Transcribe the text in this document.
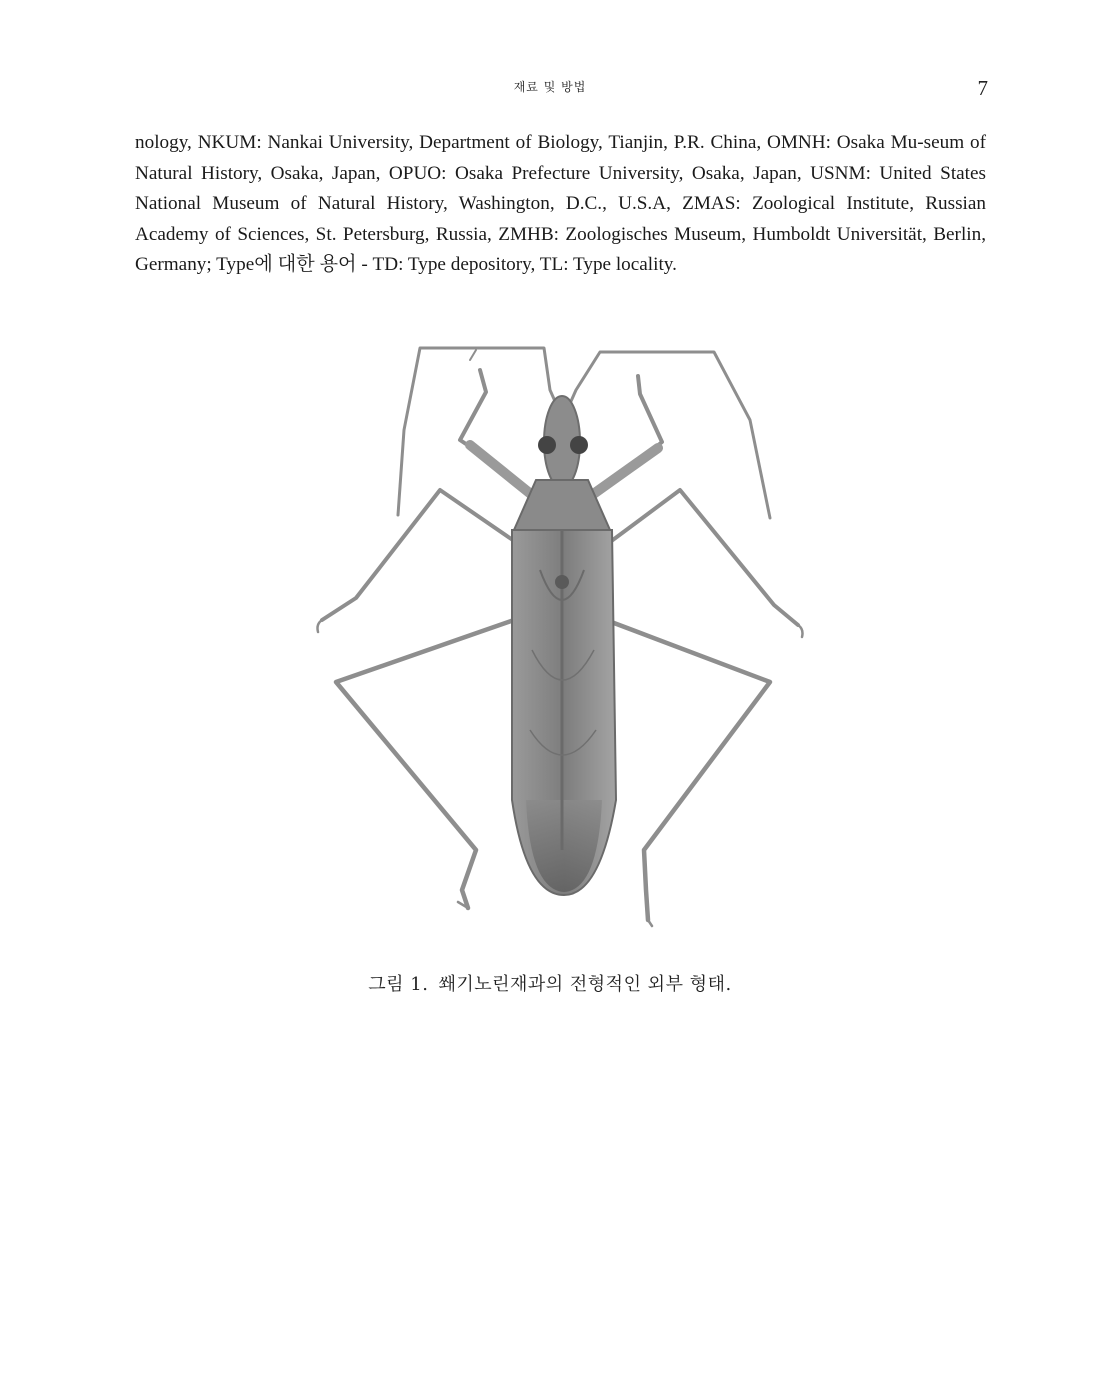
재료 및 방법	7

nology, NKUM: Nankai University, Department of Biology, Tianjin, P.R. China, OMNH: Osaka Mu-seum of Natural History, Osaka, Japan, OPUO: Osaka Prefecture University, Osaka, Japan, USNM: United States National Museum of Natural History, Washington, D.C., U.S.A, ZMAS: Zoological Institute, Russian Academy of Sciences, St. Petersburg, Russia, ZMHB: Zoologisches Museum, Humboldt Universität, Berlin, Germany; Type에 대한 용어 - TD: Type depository, TL: Type locality.

그림 1. 쐐기노린재과의 전형적인 외부 형태.
